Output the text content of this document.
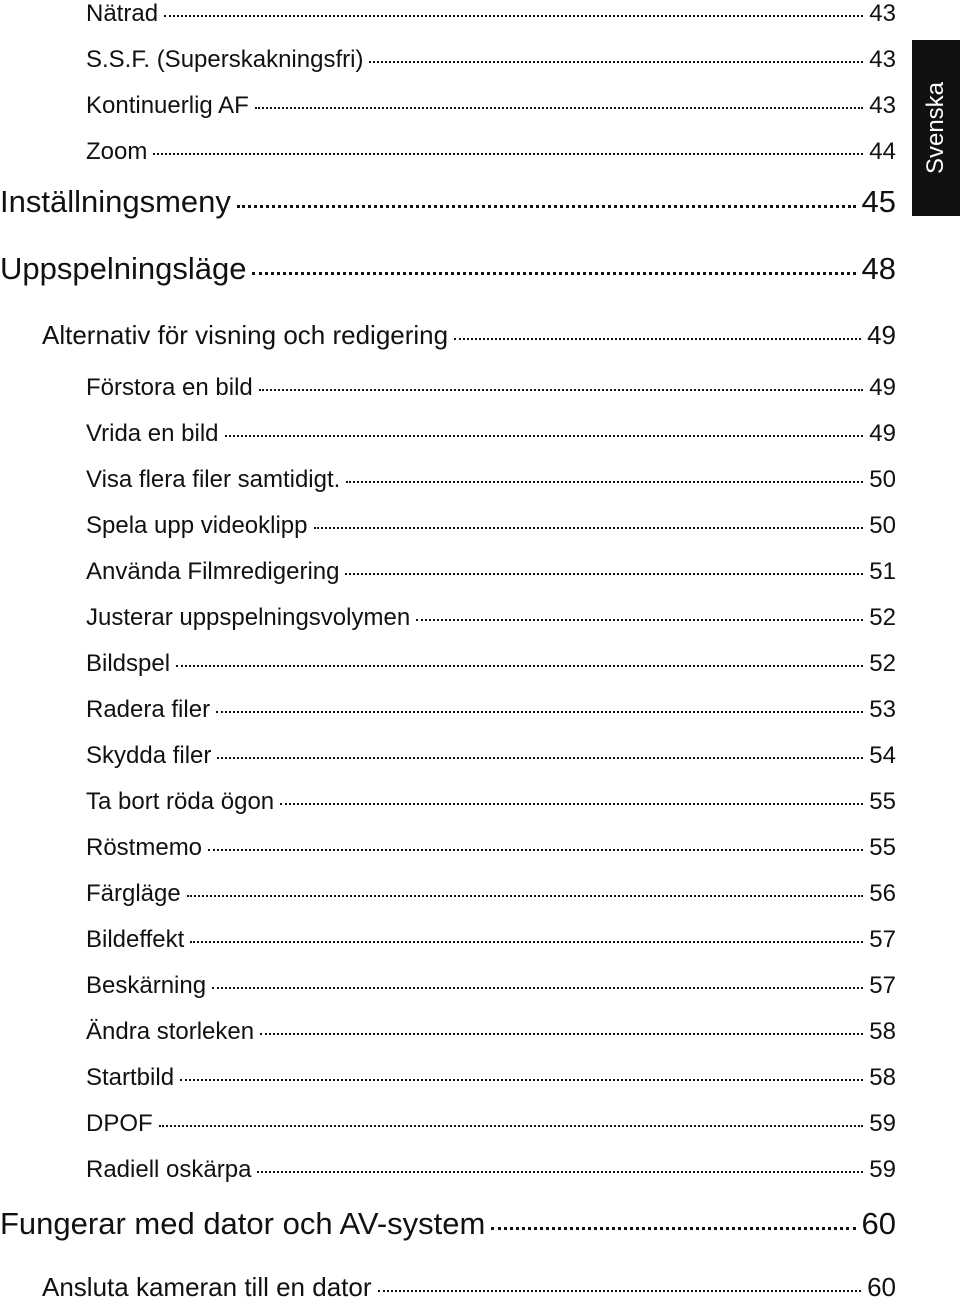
Nätrad	43
S.S.F. (Superskakningsfri)	43
Kontinuerlig AF	43
Zoom	44
Inställningsmeny	45
Uppspelningsläge	48
Alternativ för visning och redigering	49
Förstora en bild	49
Vrida en bild	49
Visa flera filer samtidigt.	50
Spela upp videoklipp	50
Använda Filmredigering	51
Justerar uppspelningsvolymen	52
Bildspel	52
Radera filer	53
Skydda filer	54
Ta bort röda ögon	55
Röstmemo	55
Färgläge	56
Bildeffekt	57
Beskärning	57
Ändra storleken	58
Startbild	58
DPOF	59
Radiell oskärpa	59
Fungerar med dator och AV-system	60
Ansluta kameran till en dator	60
Svenska
